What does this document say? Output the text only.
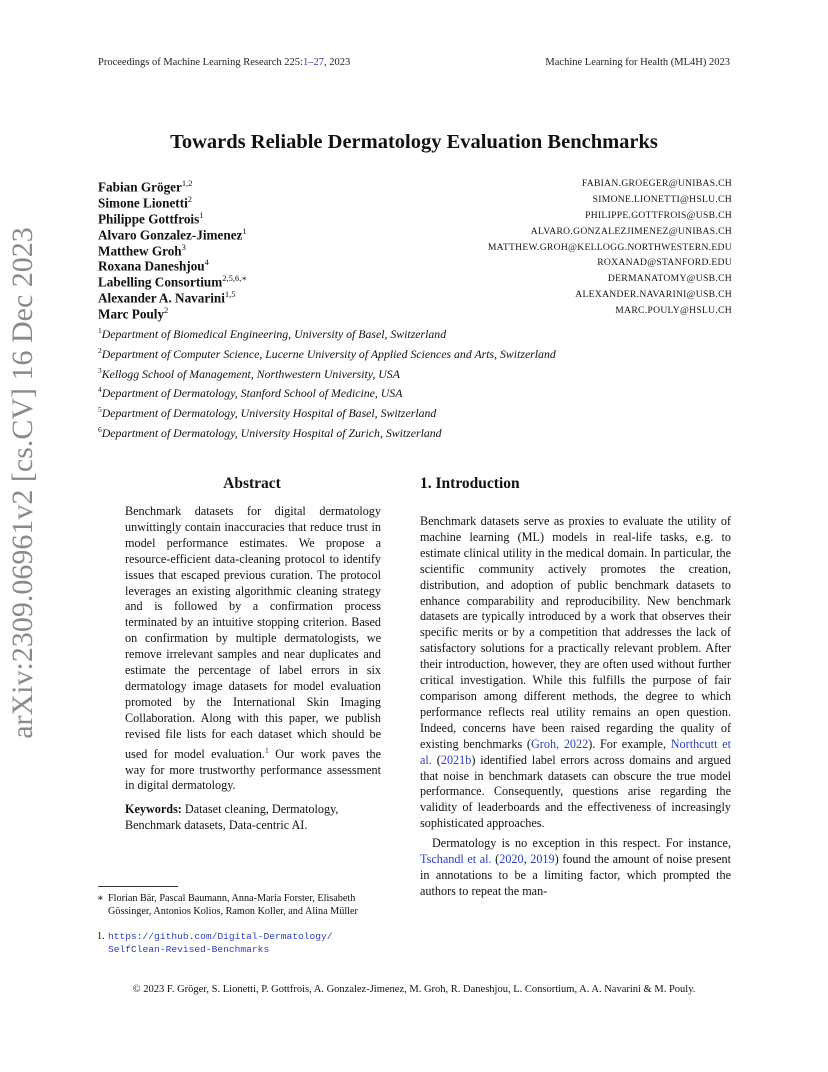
Proceedings of Machine Learning Research 225:1–27, 2023	Machine Learning for Health (ML4H) 2023
Towards Reliable Dermatology Evaluation Benchmarks
Fabian Gröger$^{1,2}$	FABIAN.GROEGER@UNIBAS.CH
Simone Lionetti$^2$	SIMONE.LIONETTI@HSLU.CH
Philippe Gottfrois$^1$	PHILIPPE.GOTTFROIS@USB.CH
Alvaro Gonzalez-Jimenez$^1$	ALVARO.GONZALEZJIMENEZ@UNIBAS.CH
Matthew Groh$^3$	MATTHEW.GROH@KELLOGG.NORTHWESTERN.EDU
Roxana Daneshjou$^4$	ROXANAD@STANFORD.EDU
Labelling Consortium$^{2,5,6,∗}$	DERMANATOMY@USB.CH
Alexander A. Navarini$^{1,5}$	ALEXANDER.NAVARINI@USB.CH
Marc Pouly$^2$	MARC.POULY@HSLU.CH
$^1$Department of Biomedical Engineering, University of Basel, Switzerland
$^2$Department of Computer Science, Lucerne University of Applied Sciences and Arts, Switzerland
$^3$Kellogg School of Management, Northwestern University, USA
$^4$Department of Dermatology, Stanford School of Medicine, USA
$^5$Department of Dermatology, University Hospital of Basel, Switzerland
$^6$Department of Dermatology, University Hospital of Zurich, Switzerland
arXiv:2309.06961v2 [cs.CV] 16 Dec 2023	Abstract
Benchmark datasets for digital dermatology unwittingly contain inaccuracies that reduce trust in model performance estimates. We propose a resource-efficient data-cleaning protocol to identify issues that escaped previous curation. The protocol leverages an existing algorithmic cleaning strategy and is followed by a confirmation process terminated by an intuitive stopping criterion. Based on confirmation by multiple dermatologists, we remove irrelevant samples and near duplicates and estimate the percentage of label errors in six dermatology image datasets for model evaluation promoted by the International Skin Imaging Collaboration. Along with this paper, we publish revised file lists for each dataset which should be used for model evaluation.$^1$ Our work paves the way for more trustworthy performance assessment in digital dermatology.
Keywords: Dataset cleaning, Dermatology, Benchmark datasets, Data-centric AI.
∗ Florian Bär, Pascal Baumann, Anna-Maria Forster, Elisabeth Gössinger, Antonios Kolios, Ramon Koller, and Alina Müller
1. https://github.com/Digital-Dermatology/
SelfClean-Revised-Benchmarks
1. Introduction

Benchmark datasets serve as proxies to evaluate the utility of machine learning (ML) models in real-life tasks, e.g. to estimate clinical utility in the medical domain. In particular, the scientific community actively promotes the creation, distribution, and adoption of public benchmark datasets to enhance comparability and reproducibility. New benchmark datasets are typically introduced by a work that observes their specific merits or by a competition that addresses the lack of satisfactory solutions for a practically relevant problem. After their introduction, however, they are often used without further critical investigation. While this fulfills the purpose of fair comparison among different methods, the degree to which performance reflects real utility remains an open question. Indeed, concerns have been raised regarding the quality of existing benchmarks (Groh, 2022). For example, Northcutt et al. (2021b) identified label errors across domains and argued that noise in benchmark datasets can obscure the true model performance. Consequently, questions arise regarding the validity of leaderboards and the effectiveness of increasingly sophisticated approaches.

Dermatology is no exception in this respect. For instance, Tschandl et al. (2020, 2019) found the amount of noise present in annotations to be a limiting factor, which prompted the authors to repeat the man-

© 2023 F. Gröger, S. Lionetti, P. Gottfrois, A. Gonzalez-Jimenez, M. Groh, R. Daneshjou, L. Consortium, A. A. Navarini & M. Pouly.
